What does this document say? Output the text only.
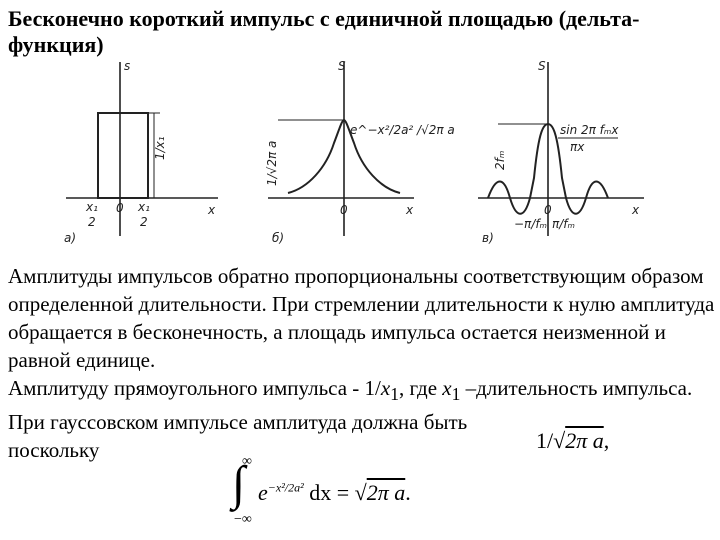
Бесконечно короткий импульс с единичной площадью (дельта-функция)
s
x
1/x₁
x₁
2
0 x₁
2
а)
S
x
e^−x²/2a² /√2π a
1/√2π a
0
б)
S
x
sin 2π fₘx
πx
2fₘ
0
−π/fₘ π/fₘ
в)

Амплитуды импульсов обратно пропорциональны соответствующим образом определенной длительности. При стремлении длительности к нулю амплитуда обращается в бесконечность, а площадь импульса остается неизменной и равной единице.

Амплитуду прямоугольного импульса - $1/x_1$, где $x_1$ –длительность импульса.

При гауссовском импульсе амплитуда должна быть

поскольку	1/√2π a,
∫
∞
−∞
$e^{-x^2/2a^2}$ dx = √2π a.
